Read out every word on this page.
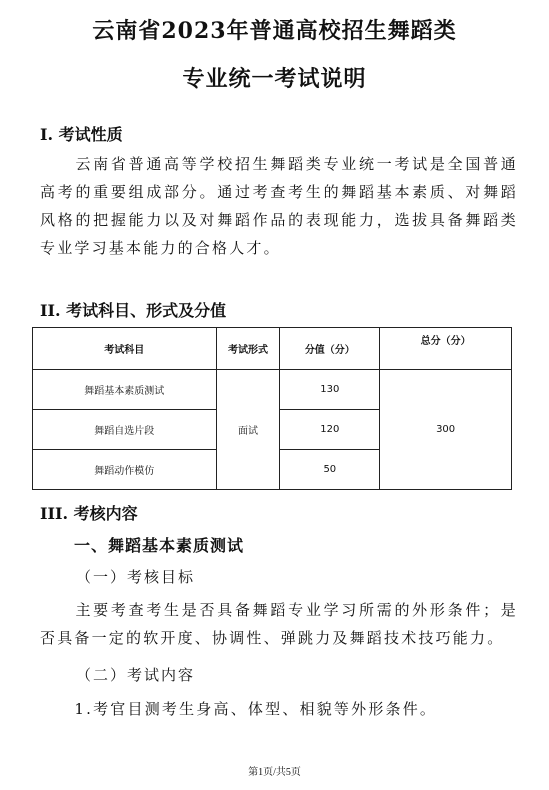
云南省2023年普通高校招生舞蹈类
专业统一考试说明
I. 考试性质
　　云南省普通高等学校招生舞蹈类专业统一考试是全国普通高考的重要组成部分。通过考查考生的舞蹈基本素质、对舞蹈风格的把握能力以及对舞蹈作品的表现能力，选拔具备舞蹈类专业学习基本能力的合格人才。
II. 考试科目、形式及分值
考试科目	考试形式	分值（分）	总分（分）
舞蹈基本素质测试	面试	130	300
舞蹈自选片段		120	
舞蹈动作模仿		50	
III. 考核内容
一、舞蹈基本素质测试
（一）考核目标
　　主要考查考生是否具备舞蹈专业学习所需的外形条件；是否具备一定的软开度、协调性、弹跳力及舞蹈技术技巧能力。
（二）考试内容
　　1.考官目测考生身高、体型、相貌等外形条件。
第1页/共5页
